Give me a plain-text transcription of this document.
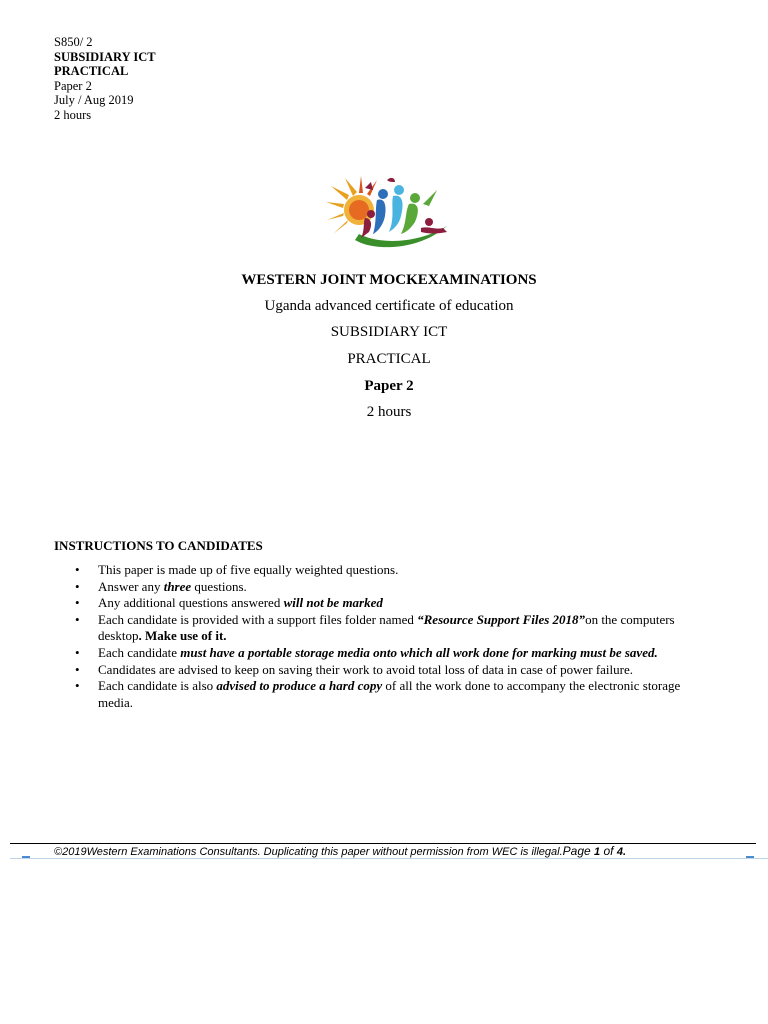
S850/ 2
SUBSIDIARY ICT
PRACTICAL
Paper 2
July / Aug 2019
2 hours
WESTERN JOINT MOCKEXAMINATIONS
Uganda advanced certificate of education
SUBSIDIARY ICT
PRACTICAL
Paper 2
2 hours
INSTRUCTIONS TO CANDIDATES
• This paper is made up of five equally weighted questions.
• Answer any three questions.
• Any additional questions answered will not be marked
• Each candidate is provided with a support files folder named “Resource Support Files 2018”on the computers desktop. Make use of it.
• Each candidate must have a portable storage media onto which all work done for marking must be saved.
• Candidates are advised to keep on saving their work to avoid total loss of data in case of power failure.
• Each candidate is also advised to produce a hard copy of all the work done to accompany the electronic storage media.
©2019Western Examinations Consultants. Duplicating this paper without permission from WEC is illegal.Page 1 of 4.
